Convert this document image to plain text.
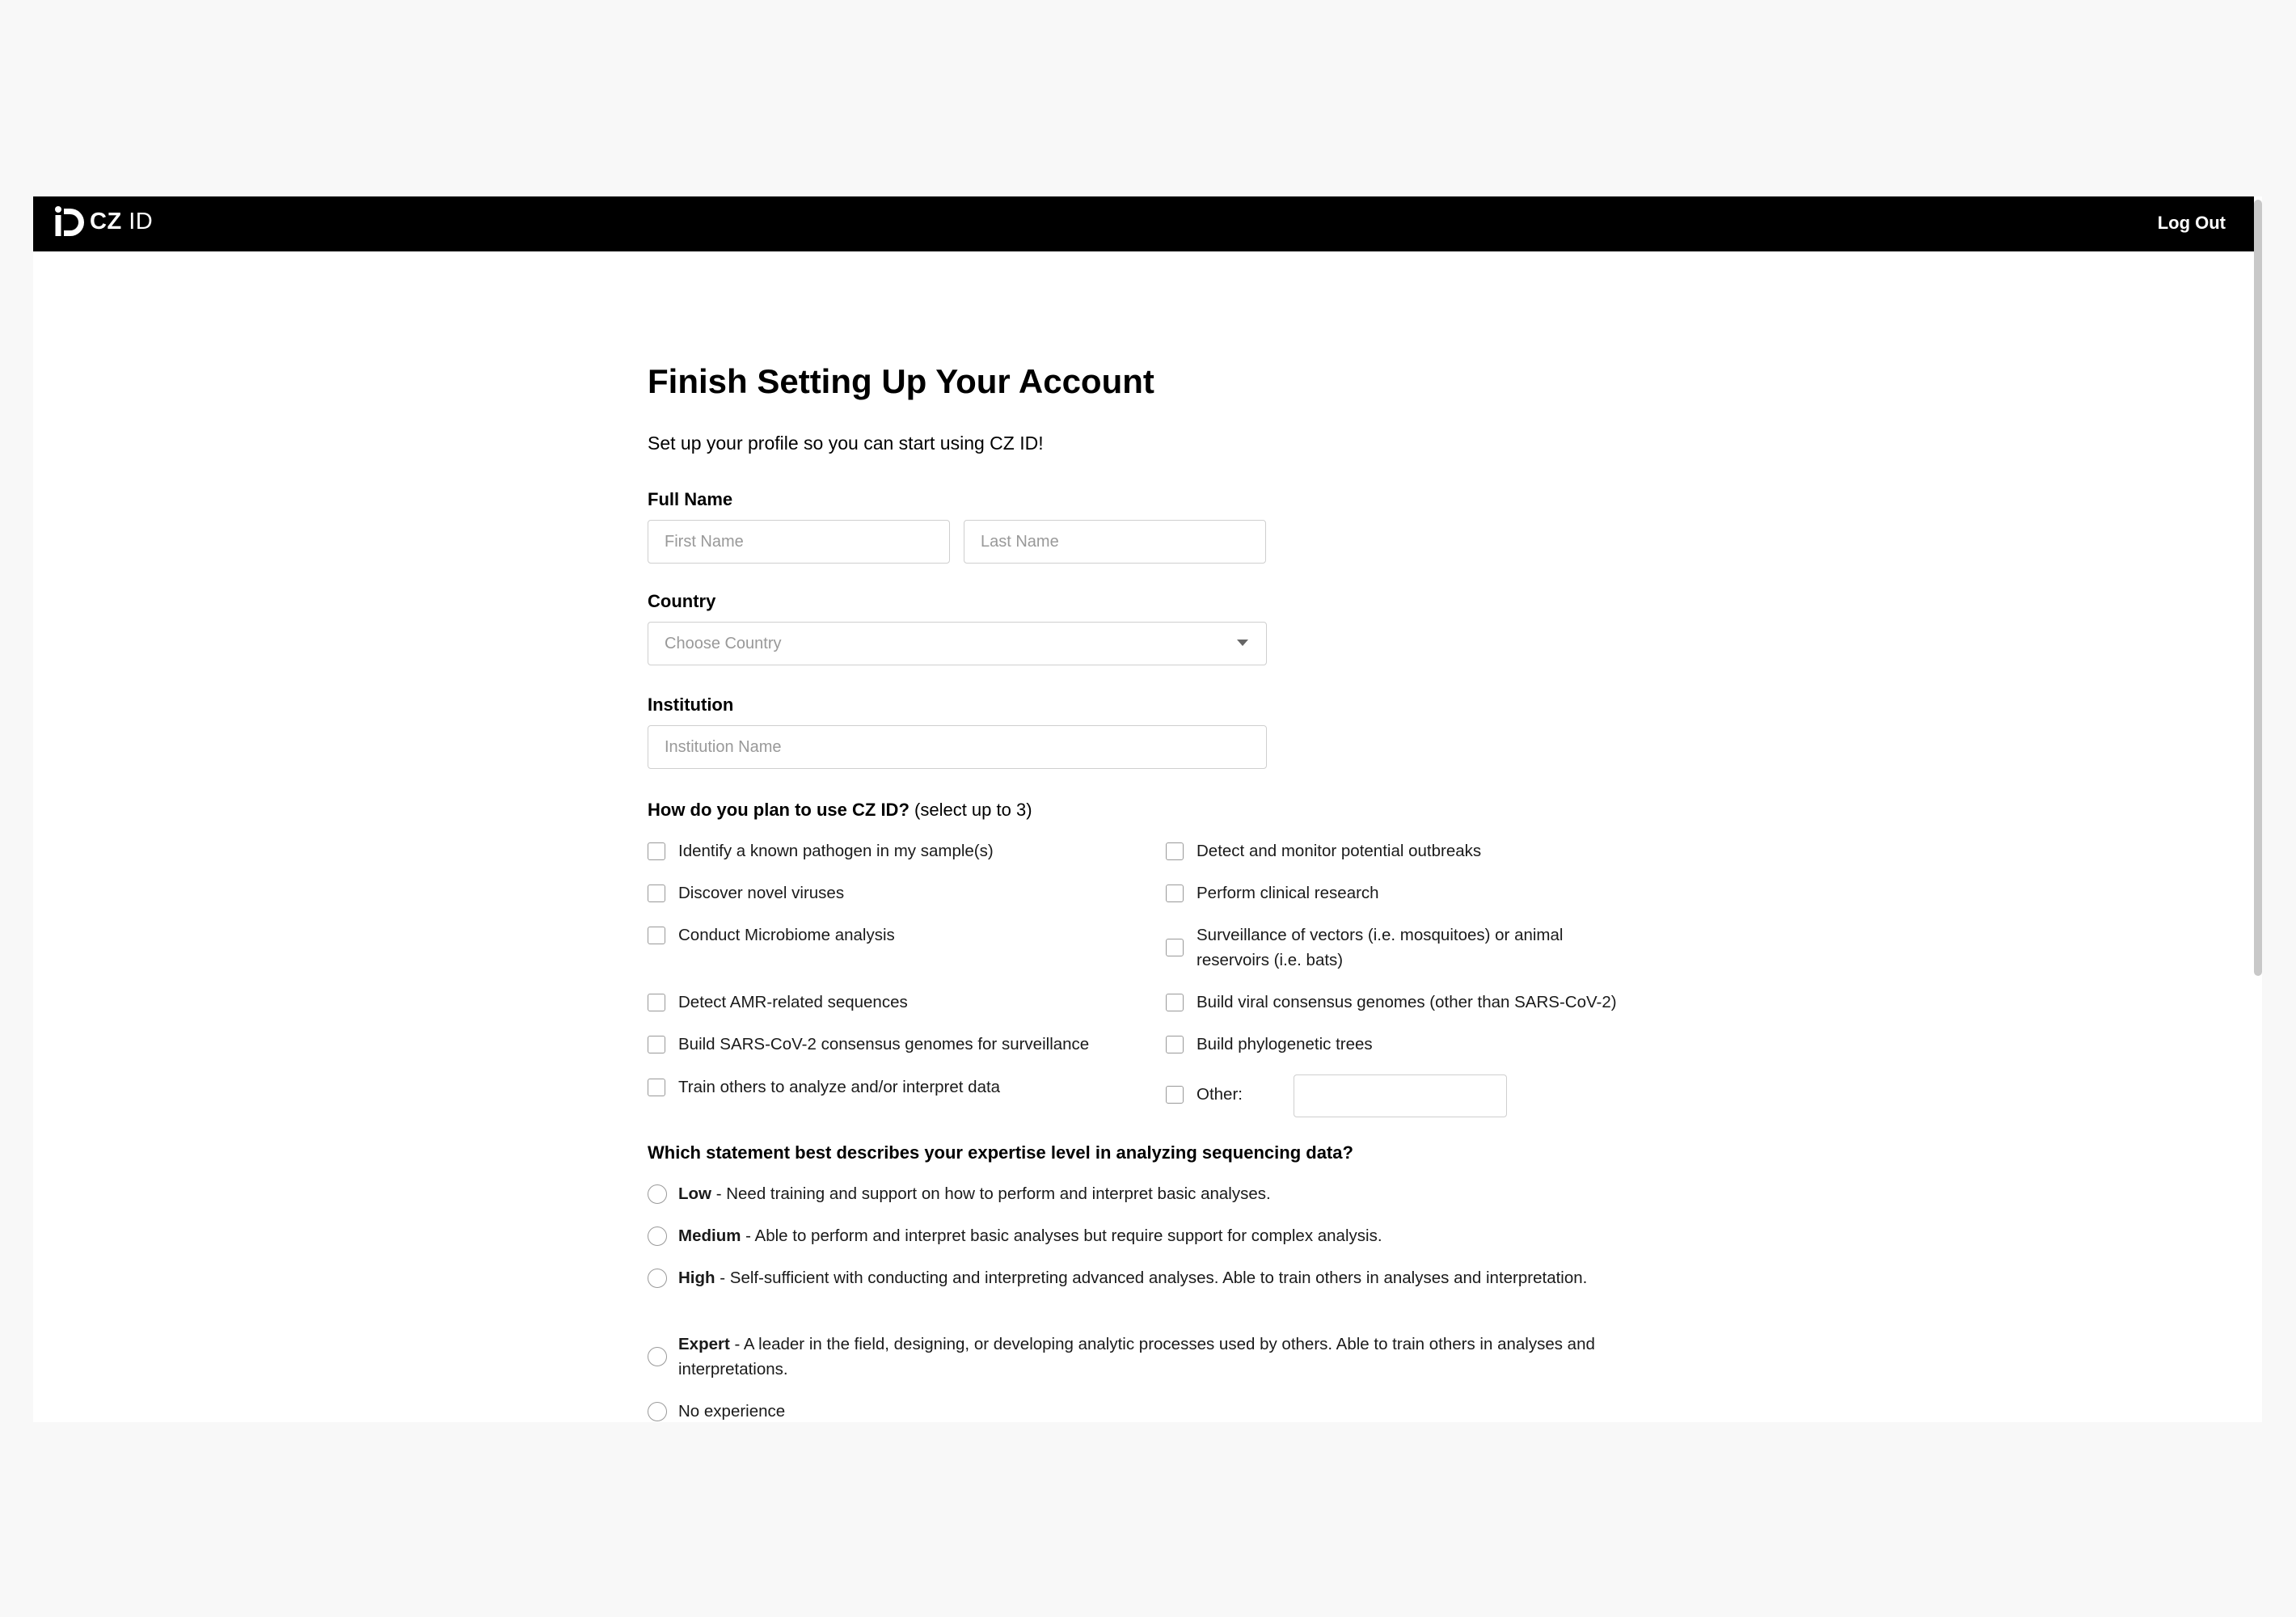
CZ ID	Log Out
Finish Setting Up Your Account
Set up your profile so you can start using CZ ID!
Full Name
First Name
Last Name
Country
Choose Country
Institution
Institution Name
How do you plan to use CZ ID? (select up to 3)
Identify a known pathogen in my sample(s)
Discover novel viruses
Conduct Microbiome analysis
Detect AMR-related sequences
Build SARS-CoV-2 consensus genomes for surveillance
Train others to analyze and/or interpret data
Detect and monitor potential outbreaks
Perform clinical research
Surveillance of vectors (i.e. mosquitoes) or animal reservoirs (i.e. bats)
Build viral consensus genomes (other than SARS-CoV-2)
Build phylogenetic trees
Other:
Which statement best describes your expertise level in analyzing sequencing data?
Low - Need training and support on how to perform and interpret basic analyses.
Medium - Able to perform and interpret basic analyses but require support for complex analysis.
High - Self-sufficient with conducting and interpreting advanced analyses. Able to train others in analyses and interpretation.
Expert - A leader in the field, designing, or developing analytic processes used by others. Able to train others in analyses and interpretations.
No experience
